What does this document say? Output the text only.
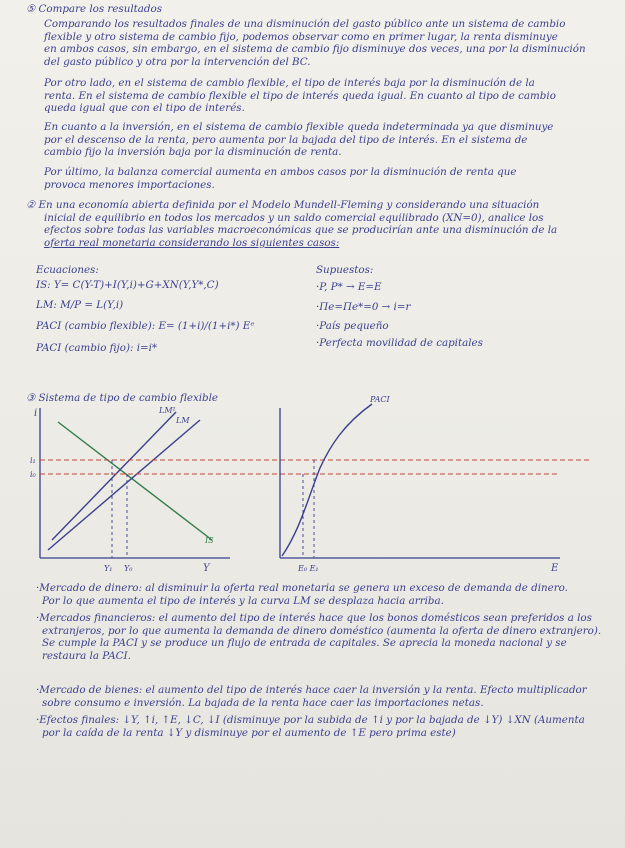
⑤ Compare los resultados
Comparando los resultados finales de una disminución del gasto público ante un sistema de cambio
flexible y otro sistema de cambio fijo, podemos observar como en primer lugar, la renta disminuye
en ambos casos, sin embargo, en el sistema de cambio fijo disminuye dos veces, una por la disminución
del gasto público y otra por la intervención del BC.
Por otro lado, en el sistema de cambio flexible, el tipo de interés baja por la disminución de la
renta. En el sistema de cambio flexible el tipo de interés queda igual. En cuanto al tipo de cambio
queda igual que con el tipo de interés.
En cuanto a la inversión, en el sistema de cambio flexible queda indeterminada ya que disminuye
por el descenso de la renta, pero aumenta por la bajada del tipo de interés. En el sistema de
cambio fijo la inversión baja por la disminución de renta.
Por último, la balanza comercial aumenta en ambos casos por la disminución de renta que
provoca menores importaciones.
② En una economía abierta definida por el Modelo Mundell-Fleming y considerando una situación
inicial de equilibrio en todos los mercados y un saldo comercial equilibrado (XN=0), analice los
efectos sobre todas las variables macroeconómicas que se producirían ante una disminución de la
oferta real monetaria considerando los siguientes casos:
Ecuaciones:	Supuestos:
IS: Y= C(Y-T)+I(Y,i)+G+XN(Y,Y*,C)
LM: M/P = L(Y,i)
PACI (cambio flexible): E= (1+i)/(1+i*) Eᵉ
PACI (cambio fijo): i=i*
·P, P* → E=E
·Πe=Πe*=0 → i=r
·País pequeño
·Perfecta movilidad de capitales
③ Sistema de tipo de cambio flexible
i
Y
IS
LM¹
LM
i₁
i₀
Y₁ Y₀	E
PACI
E₀ E₁
·Mercado de dinero: al disminuir la oferta real monetaria se genera un exceso de demanda de dinero.
Por lo que aumenta el tipo de interés y la curva LM se desplaza hacia arriba.
·Mercados financieros: el aumento del tipo de interés hace que los bonos domésticos sean preferidos a los
extranjeros, por lo que aumenta la demanda de dinero doméstico (aumenta la oferta de dinero extranjero).
Se cumple la PACI y se produce un flujo de entrada de capitales. Se aprecia la moneda nacional y se
restaura la PACI.
·Mercado de bienes: el aumento del tipo de interés hace caer la inversión y la renta. Efecto multiplicador
sobre consumo e inversión. La bajada de la renta hace caer las importaciones netas.
·Efectos finales: ↓Y, ↑i, ↑E, ↓C, ↓I (disminuye por la subida de ↑i y por la bajada de ↓Y) ↓XN (Aumenta
por la caída de la renta ↓Y y disminuye por el aumento de ↑E pero prima este)
